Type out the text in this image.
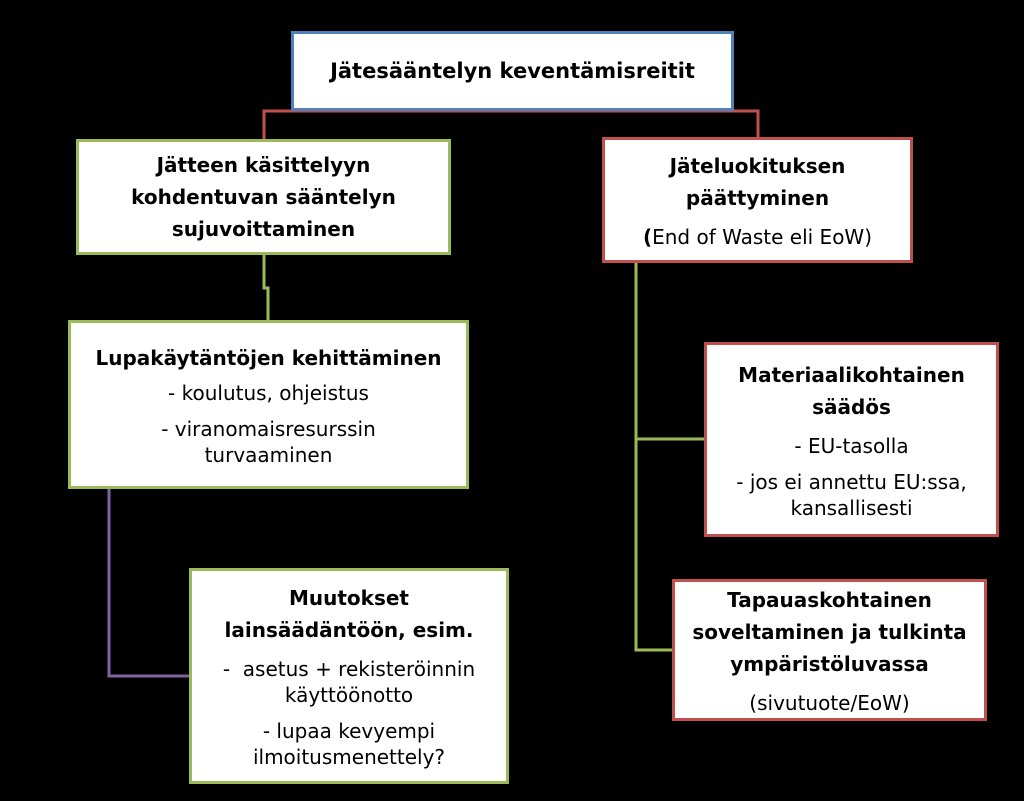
Jätesääntelyn keventämisreitit
Jätteen käsittelyyn
kohdentuvan sääntelyn
sujuvoittaminen
Jäteluokituksen
päättyminen
(End of Waste eli EoW)
Lupakäytäntöjen kehittäminen
- koulutus, ohjeistus
- viranomaisresurssin
turvaaminen
Materiaalikohtainen
säädös
- EU-tasolla
- jos ei annettu EU:ssa,
kansallisesti
Muutokset
lainsäädäntöön, esim.
-  asetus + rekisteröinnin
käyttöönotto
- lupaa kevyempi
ilmoitusmenettely?
Tapauaskohtainen
soveltaminen ja tulkinta
ympäristöluvassa
(sivutuote/EoW)
